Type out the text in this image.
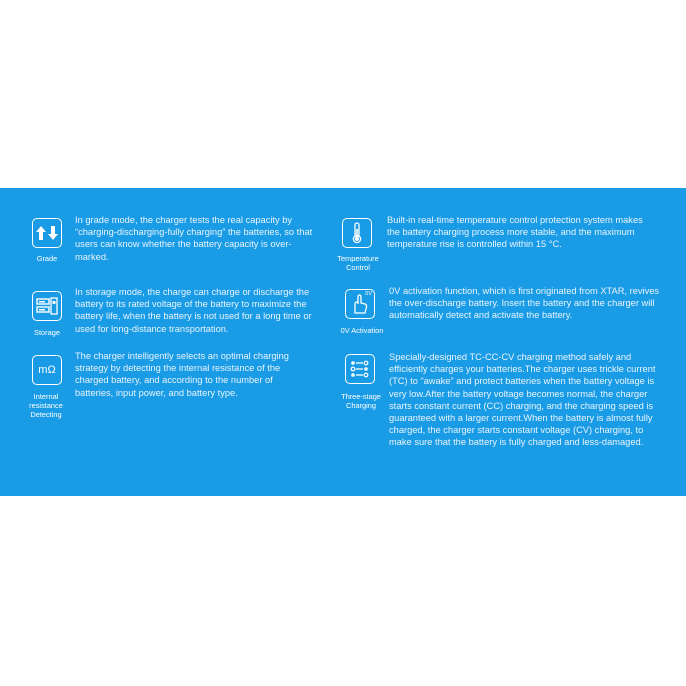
Grade
In grade mode, the charger tests the real capacity by “charging-discharging-fully charging” the batteries, so that users can know whether the battery capacity is over-marked.
Storage
In storage mode, the charge can charge or discharge the battery to its rated voltage of the battery to maximize the battery life, when the battery is not used for a long time or used for long-distance transportation.
mΩ
Internal resistance Detecting
The charger intelligently selects an optimal charging strategy by detecting the internal resistance of the charged battery, and according to the number of batteries, input power, and battery type.
Temperature Control
Built-in real-time temperature control protection system makes the battery charging process more stable, and the maximum temperature rise is controlled within 15 °C.
0V
0V Activation
0V activation function, which is first originated from XTAR, revives the over-discharge battery. Insert the battery and the charger will automatically detect and activate the battery.
Three-stage Charging
Specially-designed TC-CC-CV charging method safely and efficiently charges your batteries.The charger uses trickle current (TC) to “awake” and protect batteries when the battery voltage is very low.After the battery voltage becomes normal, the charger starts constant current (CC) charging, and the charging speed is guaranteed with a larger current.When the battery is almost fully charged, the charger starts constant voltage (CV) charging, to make sure that the battery is fully charged and less-damaged.
